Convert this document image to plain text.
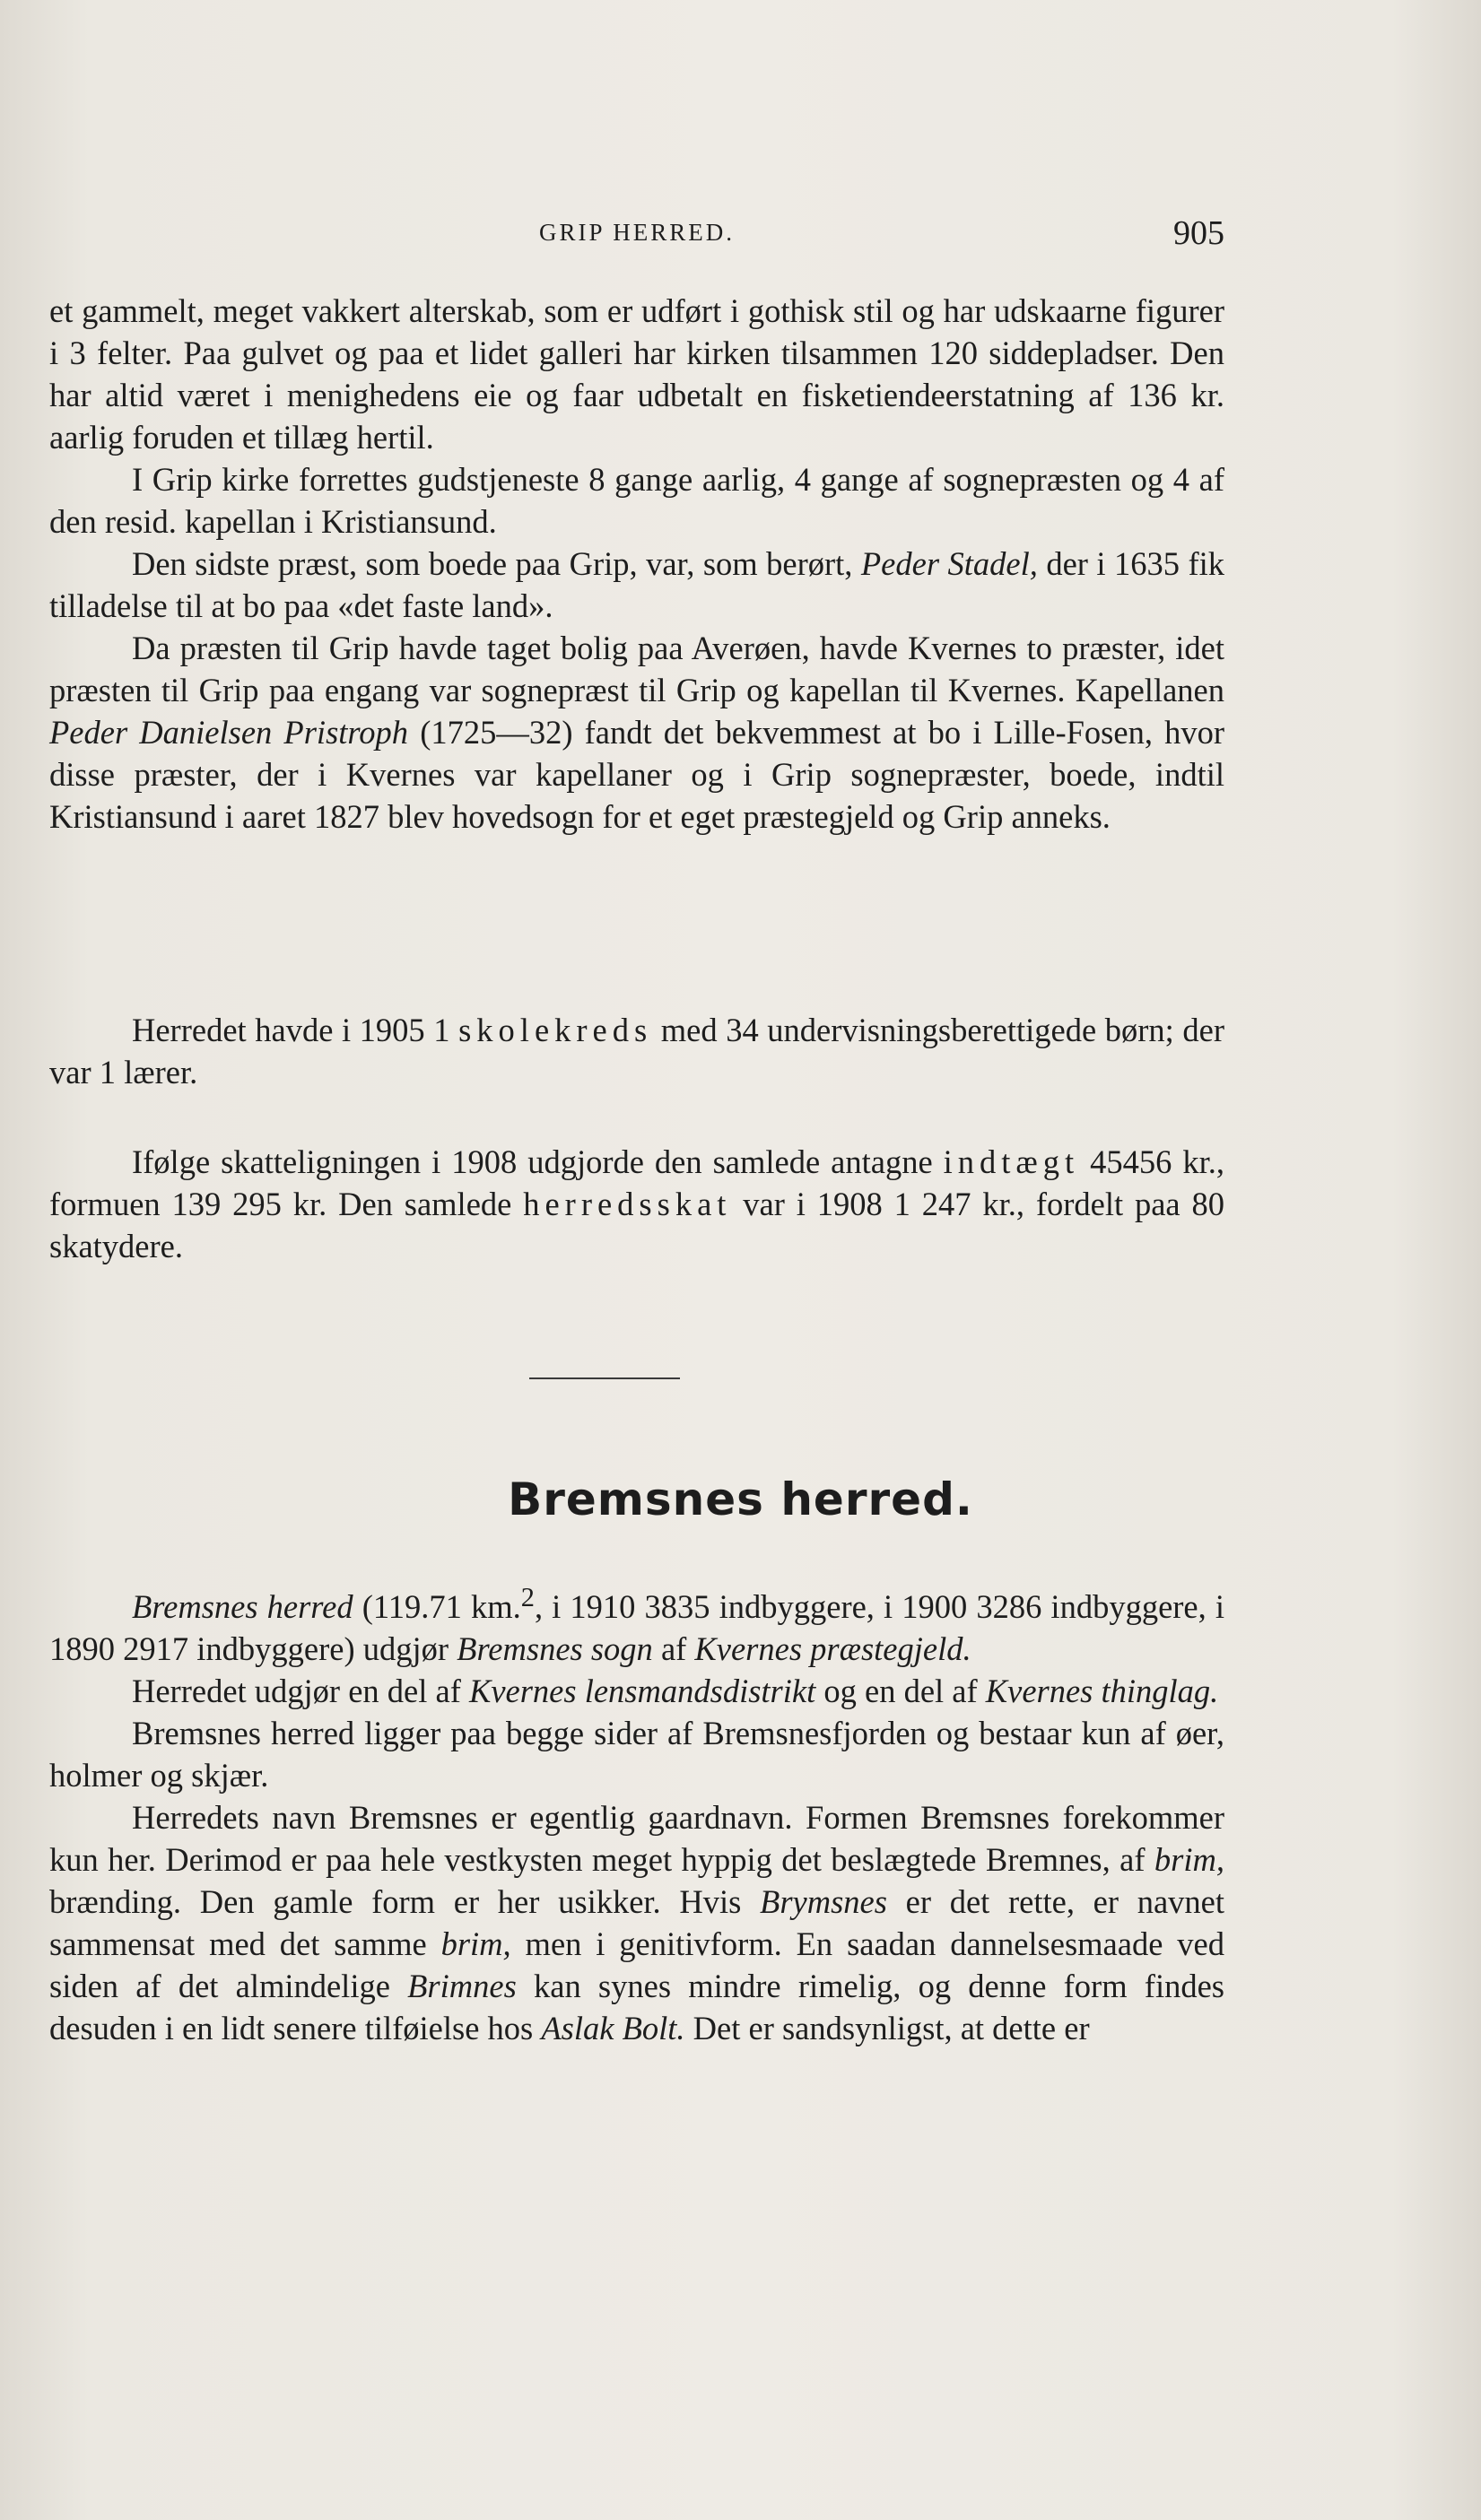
GRIP HERRED.	905

et gammelt, meget vakkert alterskab, som er udført i gothisk stil og har udskaarne figurer i 3 felter. Paa gulvet og paa et lidet galleri har kirken tilsammen 120 siddepladser. Den har altid været i menighedens eie og faar udbetalt en fisketiendeerstatning af 136 kr. aarlig foruden et tillæg hertil.

I Grip kirke forrettes gudstjeneste 8 gange aarlig, 4 gange af sognepræsten og 4 af den resid. kapellan i Kristiansund.

Den sidste præst, som boede paa Grip, var, som berørt, Peder Stadel, der i 1635 fik tilladelse til at bo paa «det faste land».

Da præsten til Grip havde taget bolig paa Averøen, havde Kvernes to præster, idet præsten til Grip paa engang var sognepræst til Grip og kapellan til Kvernes. Kapellanen Peder Danielsen Pristroph (1725—32) fandt det bekvemmest at bo i Lille-Fosen, hvor disse præster, der i Kvernes var kapellaner og i Grip sognepræster, boede, indtil Kristiansund i aaret 1827 blev hovedsogn for et eget præstegjeld og Grip anneks.

Herredet havde i 1905 1 skolekreds med 34 undervisningsberettigede børn; der var 1 lærer.

Ifølge skatteligningen i 1908 udgjorde den samlede antagne indtægt 45456 kr., formuen 139 295 kr. Den samlede herredsskat var i 1908 1 247 kr., fordelt paa 80 skatydere.

Bremsnes herred.

Bremsnes herred (119.71 km.$^2$, i 1910 3835 indbyggere, i 1900 3286 indbyggere, i 1890 2917 indbyggere) udgjør Bremsnes sogn af Kvernes præstegjeld.

Herredet udgjør en del af Kvernes lensmandsdistrikt og en del af Kvernes thinglag.

Bremsnes herred ligger paa begge sider af Bremsnesfjorden og bestaar kun af øer, holmer og skjær.

Herredets navn Bremsnes er egentlig gaardnavn. Formen Bremsnes forekommer kun her. Derimod er paa hele vestkysten meget hyppig det beslægtede Bremnes, af brim, brænding. Den gamle form er her usikker. Hvis Brymsnes er det rette, er navnet sammensat med det samme brim, men i genitivform. En saadan dannelsesmaade ved siden af det almindelige Brimnes kan synes mindre rimelig, og denne form findes desuden i en lidt senere tilføielse hos Aslak Bolt. Det er sandsynligst, at dette er
